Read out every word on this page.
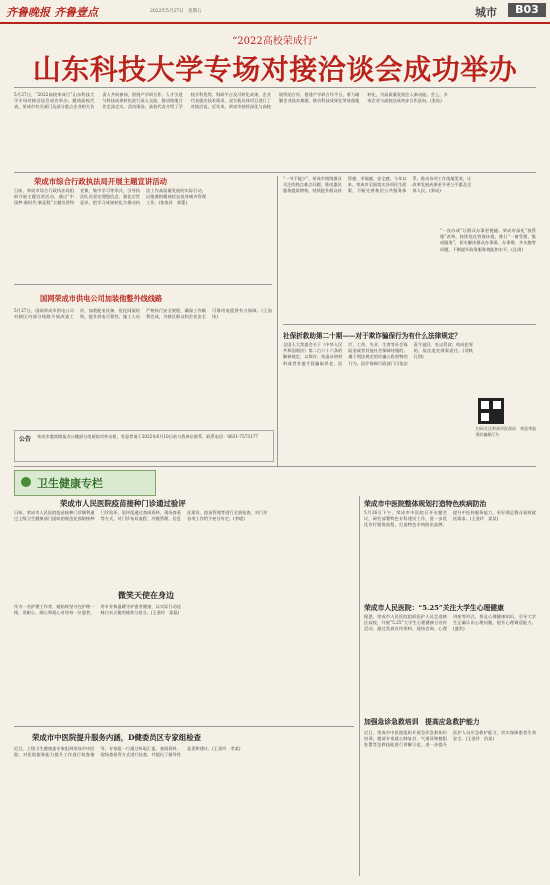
齐鲁晚报 齐鲁壹点	2022年5月27日　星期五	城市	B03
“2022高校荣成行”
山东科技大学专场对接洽谈会成功举办
5月27日，“2022高校荣成行”山东科技大学专场对接洽谈会成功举办。邀请高校代表、荣成市有关部门及部分重点企业相关负责人共同参加，围绕产学研合作、人才引进与科技成果转化进行深入交流，推动校地合作走深走实。活动现场，高校代表介绍了学校学科优势、科研平台及可转化成果，企业代表提出技术需求，双方就具体项目进行了对接洽谈。近年来，荣成市持续深化与高校院所的合作，搭建产学研合作平台，着力破解企业技术难题，推动科技成果在荣成落地转化，为高质量发展注入新动能。会上，多家企业与高校达成初步合作意向。(张钰)
荣成市综合行政执法局开展主题宣讲活动
日前，荣成市综合行政执法局组织开展主题宣讲活动，通过“中国梦·新时代·新征程”主题宣讲和党课、集中学习等形式，引导执法队员坚定理想信念、强化宗旨意识，把学习成果转化为推动执法工作高质量发展的实际行动，以饱满的精神状态投身城市管理工作。(张家祥　郭蕾)
国网荣成市供电公司加装他整外线线路
5月27日，国网荣成市供电公司对辖区内部分线路开展改造工作，加装配电设备，优化网架结构，提升供电可靠性。施工人员严格执行安全规程，确保工作顺利完成，为辖区群众和企业安全可靠用电提供有力保障。(王洛玮)
公告 荣成市港湾路某办公楼部分房屋拟对外出租，有意者请于2022年6月10日前与我单位联系。联系电话：0631-7573177
“一节不能少”，荣成市围绕群众关注的热点难点问题，推动惠民服务提质增效，持续提升群众获得感、幸福感、安全感。今年以来，荣成市全面落实各项民生政策，不断完善基层公共服务体系，推动各项工作落地见效，让改革发展成果更多更公平惠及全体人民。(荣成)
“一次办成”让群众办事更便捷。荣成市深化“放管服”改革，持续优化营商环境，推行“一窗受理、集成服务”，切实解决群众办事难、办事慢、多头跑等问题，不断提升政务服务效能和水平。(孔琪)
社保折救助第二十期——对于欺诈骗保行为有什么法律规定？
全国人大常委会关于《中华人民共和国刑法》第二百六十六条的解释规定，以欺诈、伪造证明材料或者其他手段骗取养老、医疗、工伤、失业、生育等社会保险金或者其他社会保障待遇的，属于刑法规定的诈骗公私财物的行为。医疗保障行政部门可依法责令退回、处以罚款；构成犯罪的，依法追究刑事责任。(刘秋　孔琪)
扫码关注荣成市医保局　欢迎举报欺诈骗保行为
卫生健康专栏
荣成市人民医院疫苗接种门诊通过验评
日前，荣成市人民医院疫苗接种门诊顺利通过上级卫生健康部门组织的规范化预防接种门诊验评。验评组通过查阅资料、现场查看等方式，对门诊布局流程、冷链管理、信息化建设、疫苗管理等进行全面检查，对门诊各项工作给予充分肯定。(李境)
微笑天使在身边
作为一名护理工作者，她始终坚守在护理一线，用耐心、细心和爱心对待每一位患者，用专业和温暖守护患者健康，以实际行动诠释白衣天使的使命与担当。(王金玲　姜磊)
荣成市中医院提升服务内涵，D健委员区专家组检查
近日，上级卫生健康委专家组到荣成市中医院，对医院服务能力提升工作进行检查指导。专家组一行通过听取汇报、查阅资料、现场查看等方式进行检查，并提出了指导性意见和建议。(王金玲　孝某)
荣成市中医院整体规划打造特色疾病防治
5月26日下午，荣成市中医院召开专题会议，研究部署特色专科建设工作，进一步优化诊疗服务流程，打造特色专病防治品牌，提升中医药服务能力，更好满足群众看病就医需求。(王金玲　姜某)
荣成市人民医院：“5.25”关注大学生心理健康
据悉，荣成市人民医院组织医护人员走进辖区高校，开展“5.25”大学生心理健康日宣传活动，通过发放宣传资料、现场咨询、心理讲座等形式，普及心理健康知识，引导大学生正确认识心理问题，提升心理调适能力。(盛洪)
加强急诊急救培训　提高应急救护能力
近日，荣成市中医院组织开展急诊急救知识培训，邀请专家就心肺复苏、气道异物梗阻处置等急救技能进行讲解示范，进一步提升医护人员应急救护能力，切实保障患者生命安全。(王金玲　伯某)
